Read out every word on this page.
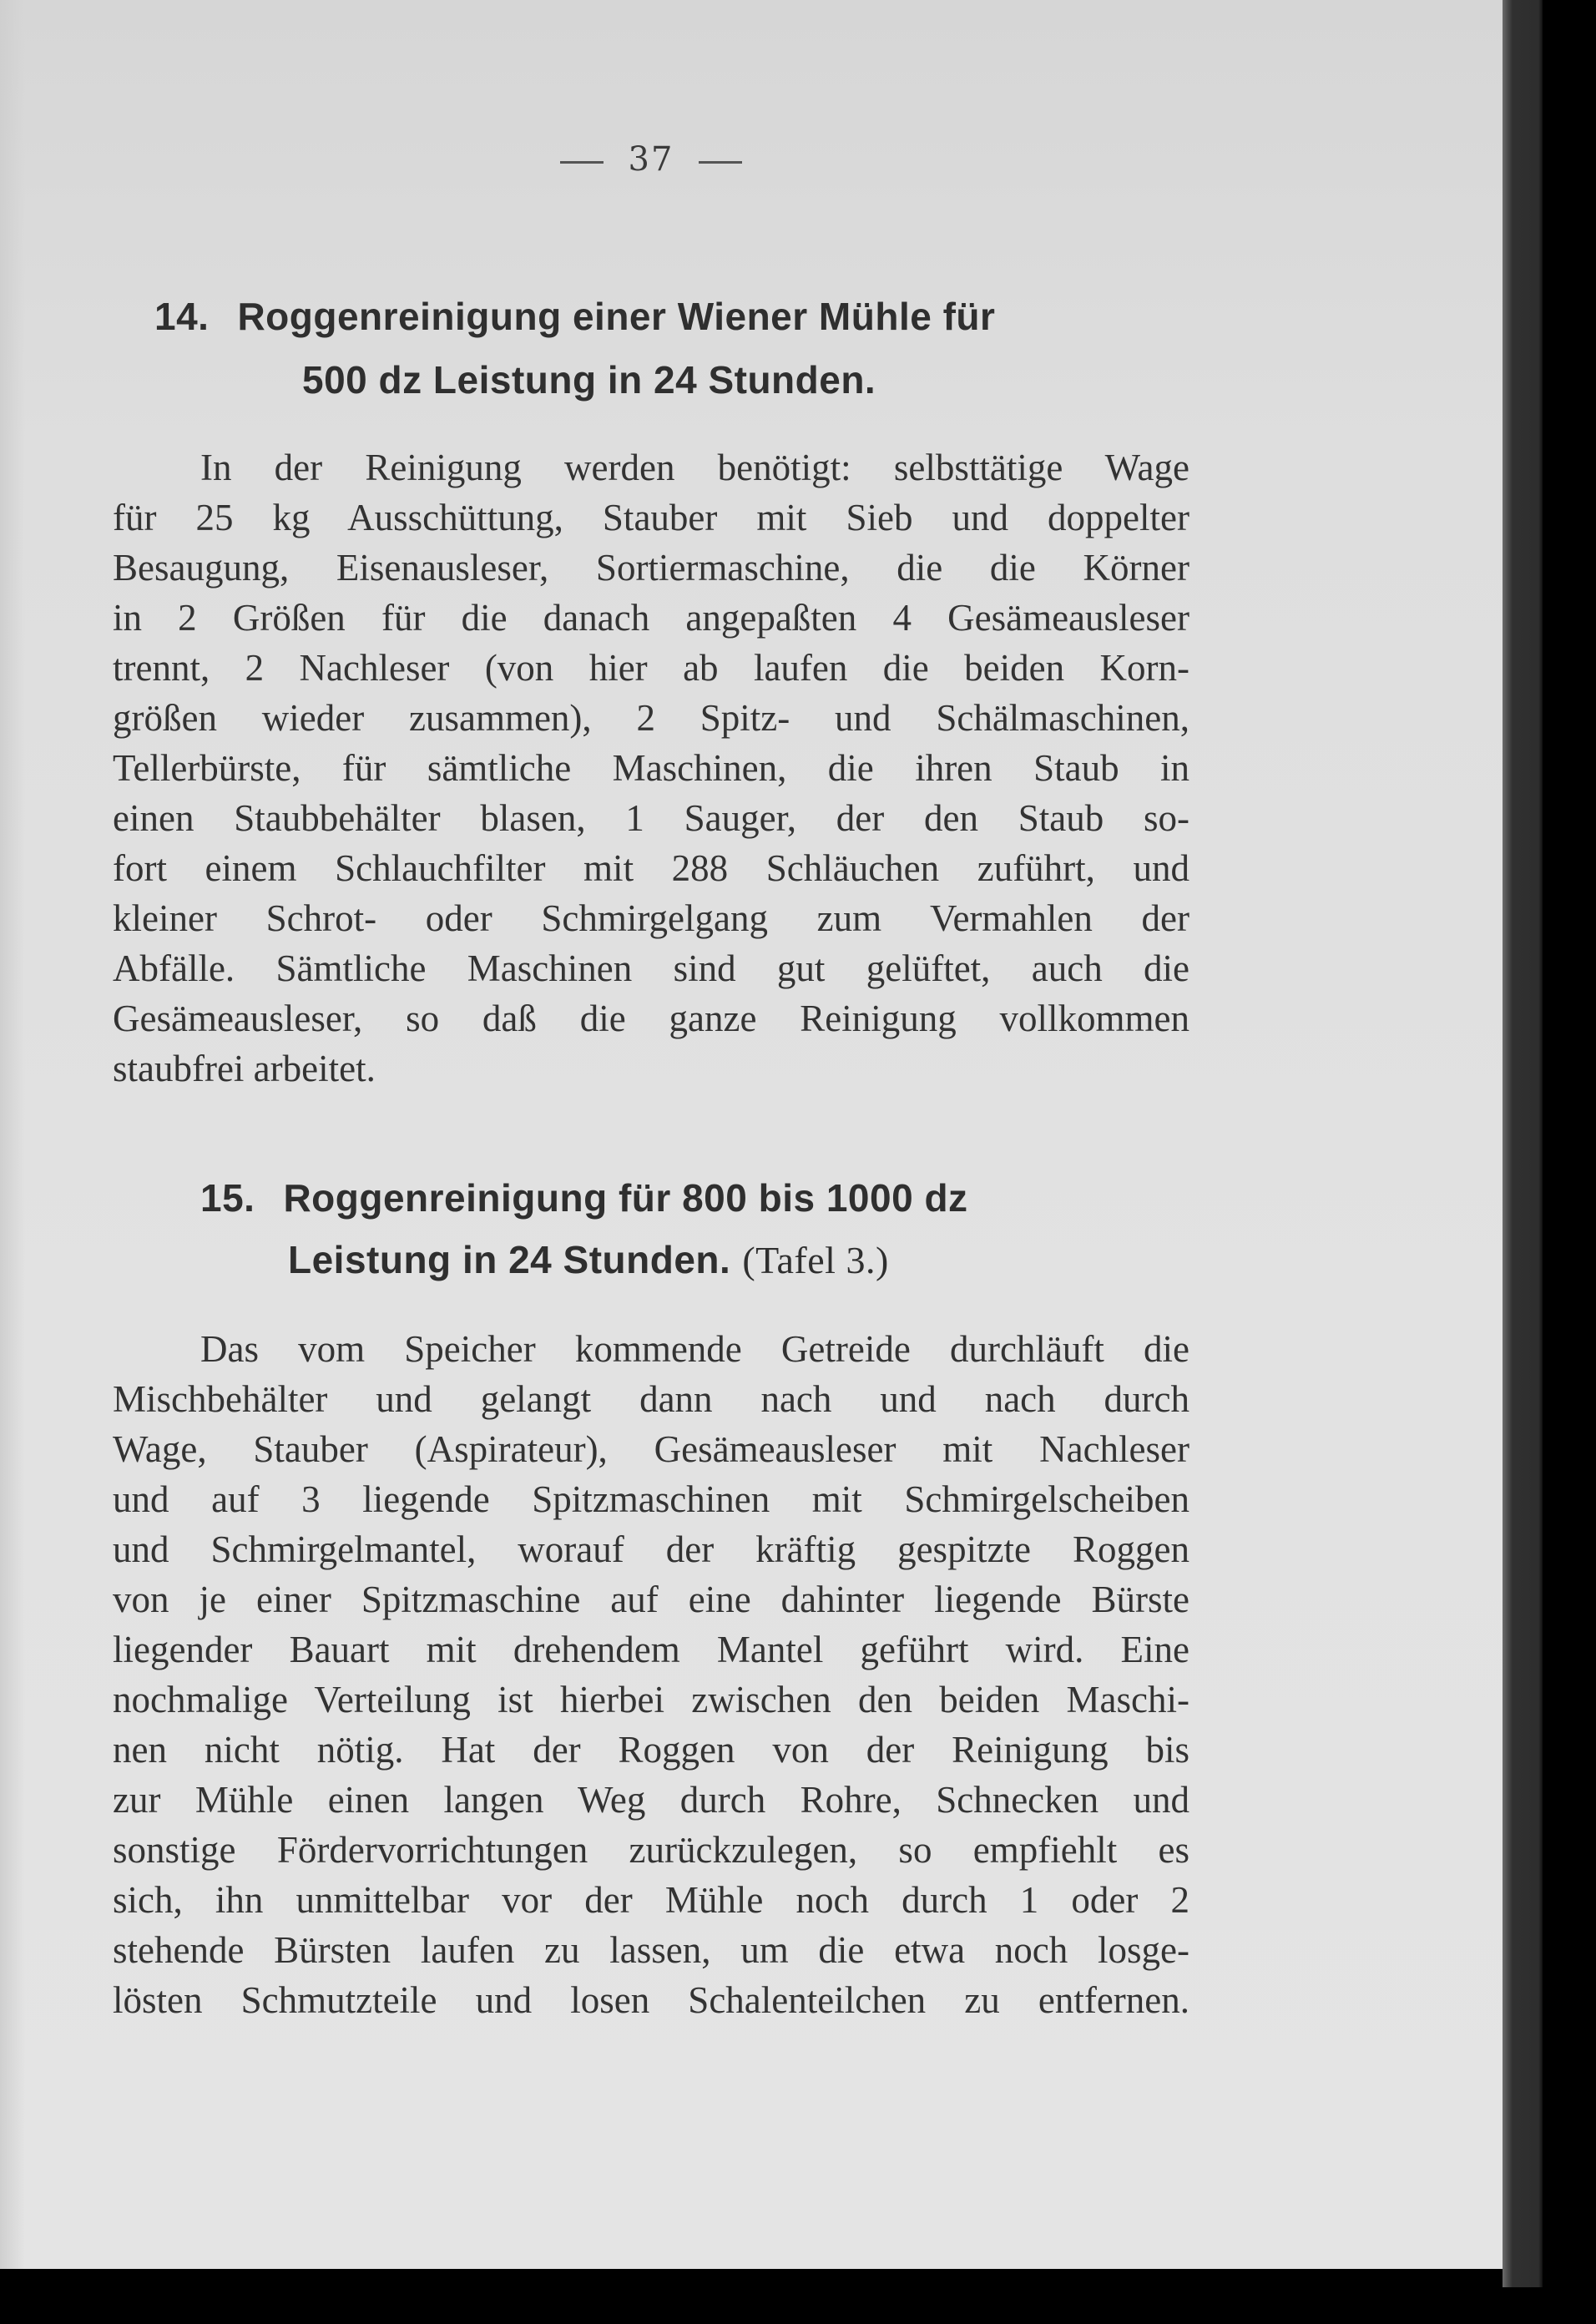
37
14. Roggenreinigung einer Wiener Mühle für
500 dz Leistung in 24 Stunden.
In der Reinigung werden benötigt: selbsttätige Wage
für 25 kg Ausschüttung, Stauber mit Sieb und doppelter
Besaugung, Eisenausleser, Sortiermaschine, die die Körner
in 2 Größen für die danach angepaßten 4 Gesämeausleser
trennt, 2 Nachleser (von hier ab laufen die beiden Korn-
größen wieder zusammen), 2 Spitz- und Schälmaschinen,
Tellerbürste, für sämtliche Maschinen, die ihren Staub in
einen Staubbehälter blasen, 1 Sauger, der den Staub so-
fort einem Schlauchfilter mit 288 Schläuchen zuführt, und
kleiner Schrot- oder Schmirgelgang zum Vermahlen der
Abfälle. Sämtliche Maschinen sind gut gelüftet, auch die
Gesämeausleser, so daß die ganze Reinigung vollkommen
staubfrei arbeitet.
15. Roggenreinigung für 800 bis 1000 dz
Leistung in 24 Stunden. (Tafel 3.)
Das vom Speicher kommende Getreide durchläuft die
Mischbehälter und gelangt dann nach und nach durch
Wage, Stauber (Aspirateur), Gesämeausleser mit Nachleser
und auf 3 liegende Spitzmaschinen mit Schmirgelscheiben
und Schmirgelmantel, worauf der kräftig gespitzte Roggen
von je einer Spitzmaschine auf eine dahinter liegende Bürste
liegender Bauart mit drehendem Mantel geführt wird. Eine
nochmalige Verteilung ist hierbei zwischen den beiden Maschi-
nen nicht nötig. Hat der Roggen von der Reinigung bis
zur Mühle einen langen Weg durch Rohre, Schnecken und
sonstige Fördervorrichtungen zurückzulegen, so empfiehlt es
sich, ihn unmittelbar vor der Mühle noch durch 1 oder 2
stehende Bürsten laufen zu lassen, um die etwa noch losge-
lösten Schmutzteile und losen Schalenteilchen zu entfernen.
